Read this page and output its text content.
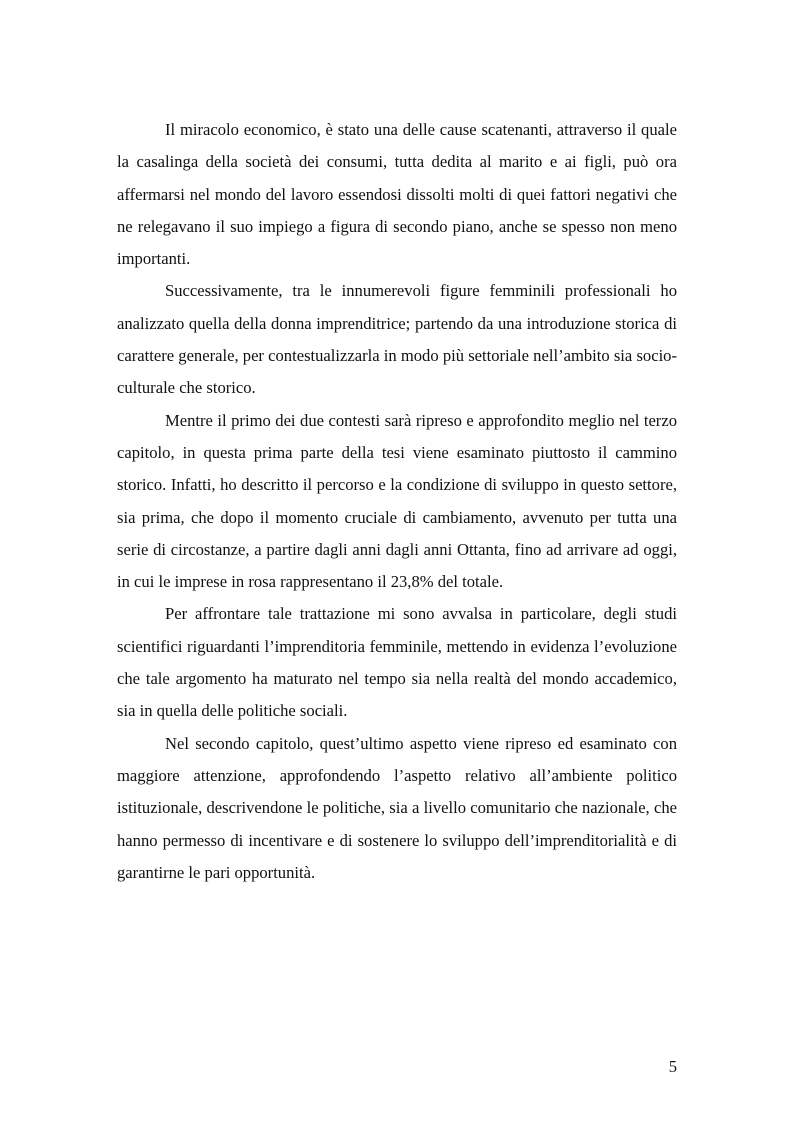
Il miracolo economico, è stato una delle cause scatenanti, attraverso il quale la casalinga della società dei consumi, tutta dedita al marito e ai figli, può ora affermarsi nel mondo del lavoro essendosi dissolti molti di quei fattori negativi che ne relegavano il suo impiego a figura di secondo piano, anche se spesso non meno importanti.

Successivamente, tra le innumerevoli figure femminili professionali ho analizzato quella della donna imprenditrice; partendo da una introduzione storica di carattere generale, per contestualizzarla in modo più settoriale nell’ambito sia socio-culturale che storico.

Mentre il primo dei due contesti sarà ripreso e approfondito meglio nel terzo capitolo, in questa prima parte della tesi viene esaminato piuttosto il cammino storico. Infatti, ho descritto il percorso e la condizione di sviluppo in questo settore, sia prima, che dopo il momento cruciale di cambiamento, avvenuto per tutta una serie di circostanze, a partire dagli anni dagli anni Ottanta, fino ad arrivare ad oggi, in cui le imprese in rosa rappresentano il 23,8% del totale.

Per affrontare tale trattazione mi sono avvalsa in particolare, degli studi scientifici riguardanti l’imprenditoria femminile, mettendo in evidenza l’evoluzione che tale argomento ha maturato nel tempo sia nella realtà del mondo accademico, sia in quella delle politiche sociali.

Nel secondo capitolo, quest’ultimo aspetto viene ripreso ed esaminato con maggiore attenzione, approfondendo l’aspetto relativo all’ambiente politico istituzionale, descrivendone le politiche, sia a livello comunitario che nazionale, che hanno permesso di incentivare e di sostenere lo sviluppo dell’imprenditorialità e di garantirne le pari opportunità.

5
